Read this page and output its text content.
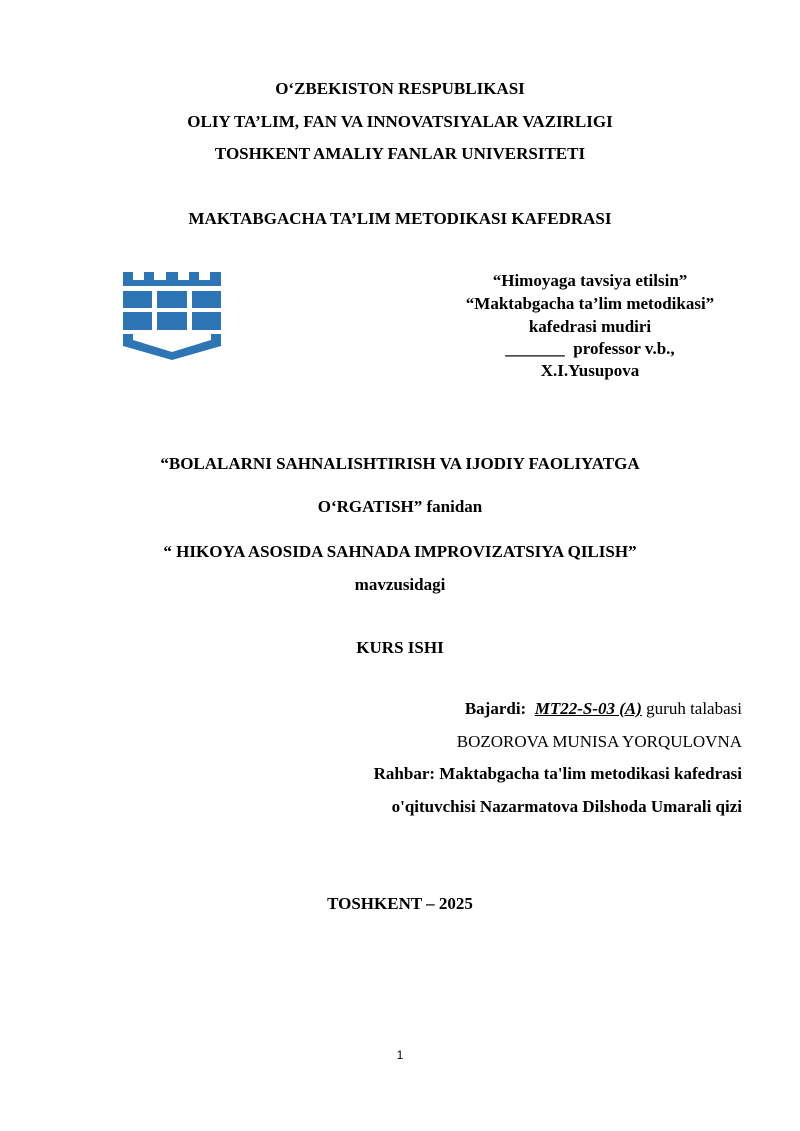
O‘ZBEKISTON RESPUBLIKASI
OLIY TA’LIM, FAN VA INNOVATSIYALAR VAZIRLIGI
TOSHKENT AMALIY FANLAR UNIVERSITETI
MAKTABGACHA TA’LIM METODIKASI KAFEDRASI
“Himoyaga tavsiya etilsin”
“Maktabgacha ta’lim metodikasi”
kafedrasi mudiri
_______ professor v.b.,
X.I.Yusupova
“BOLALARNI SAHNALISHTIRISH VA IJODIY FAOLIYATGA
O‘RGATISH” fanidan
“ HIKOYA ASOSIDA SAHNADA IMPROVIZATSIYA QILISH”
mavzusidagi
KURS ISHI
Bajardi: MT22-S-03 (A) guruh talabasi
BOZOROVA MUNISA YORQULOVNA
Rahbar: Maktabgacha ta'lim metodikasi kafedrasi
o'qituvchisi Nazarmatova Dilshoda Umarali qizi
TOSHKENT – 2025
1
